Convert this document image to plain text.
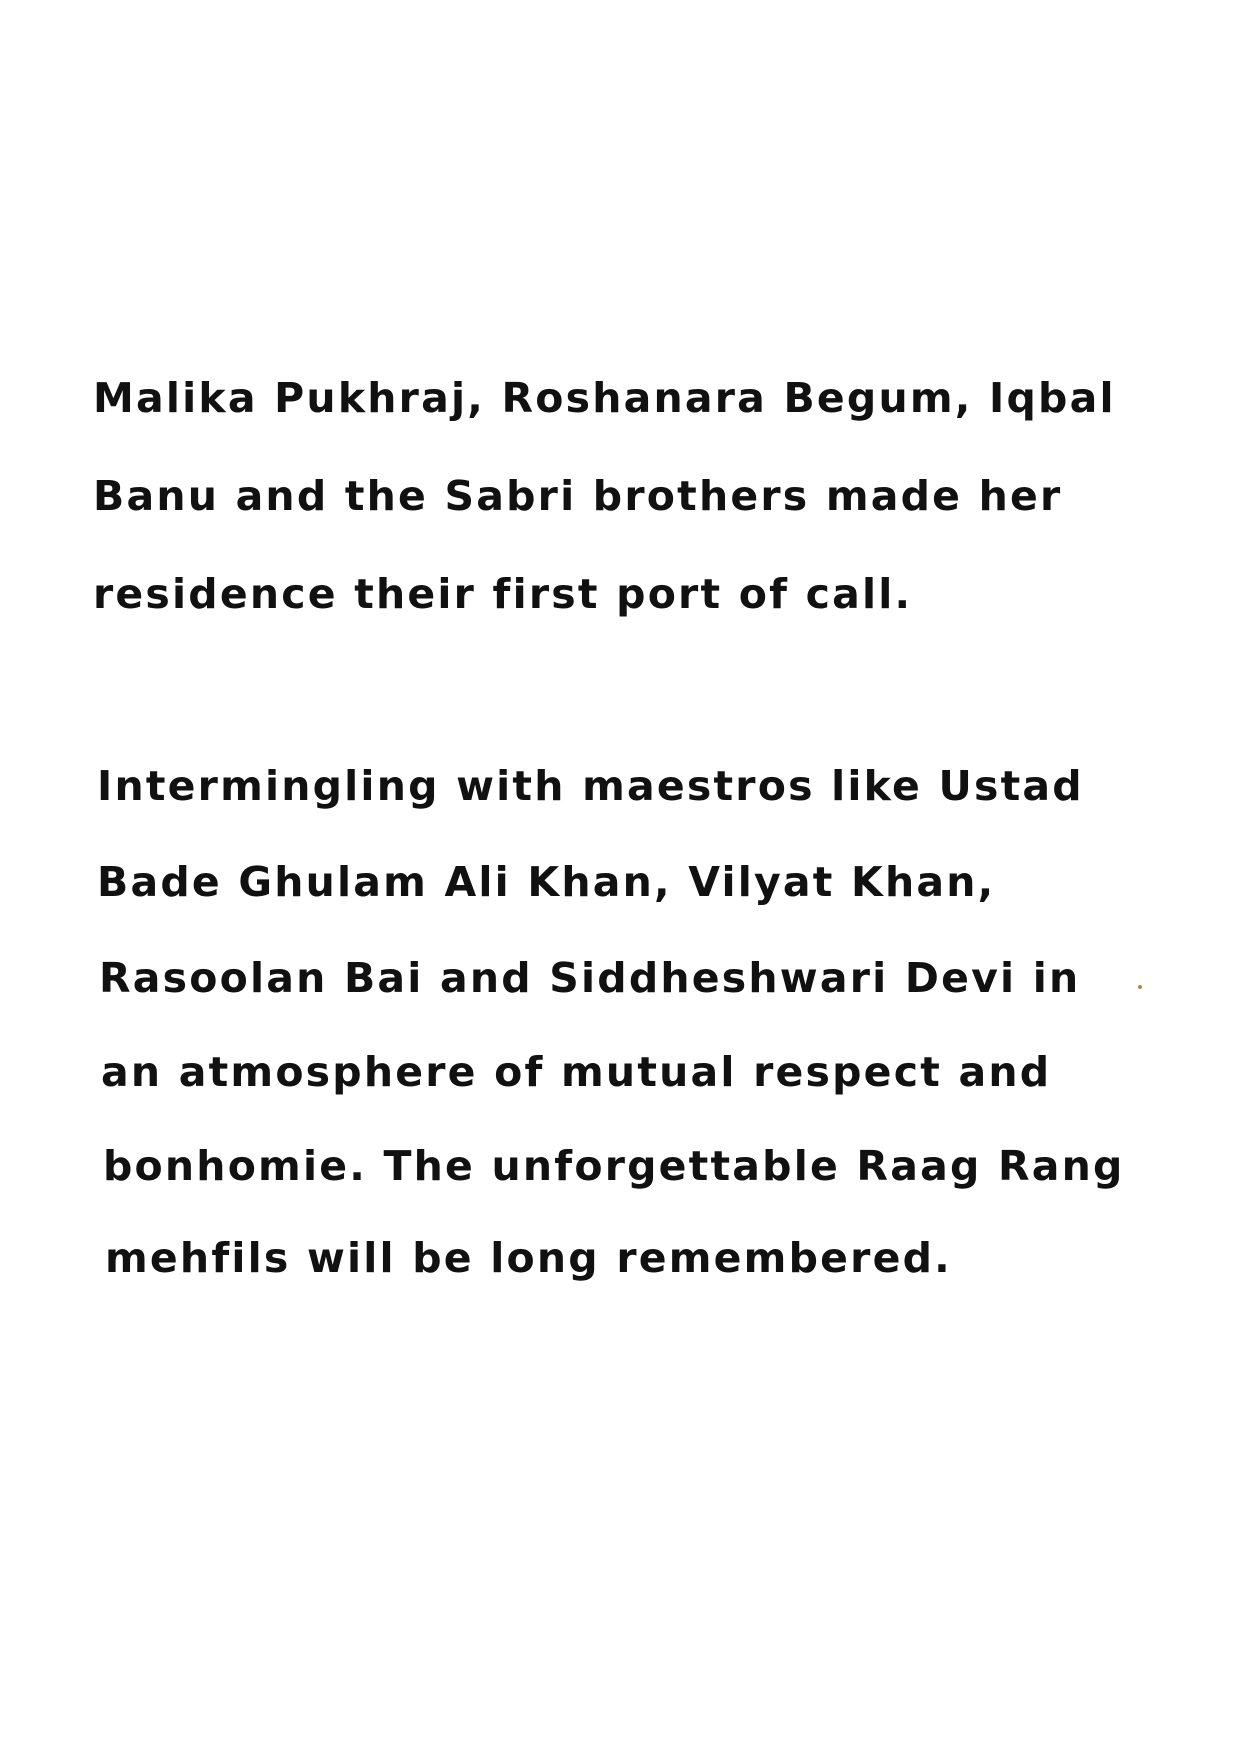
Malika Pukhraj, Roshanara Begum, Iqbal
Banu and the Sabri brothers made her
residence their first port of call.
Intermingling with maestros like Ustad
Bade Ghulam Ali Khan, Vilyat Khan,
Rasoolan Bai and Siddheshwari Devi in
an atmosphere of mutual respect and
bonhomie. The unforgettable Raag Rang
mehfils will be long remembered.
